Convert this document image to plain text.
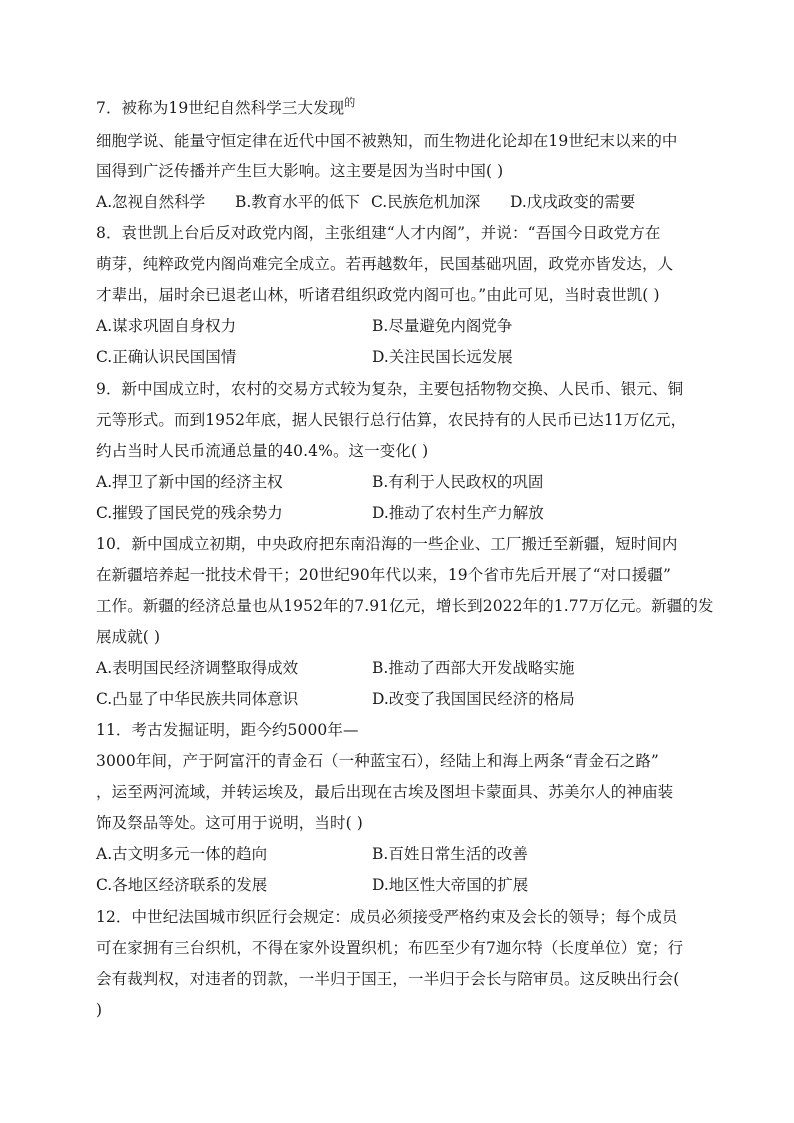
7．被称为19世纪自然科学三大发现$^的$
细胞学说、能量守恒定律在近代中国不被熟知，而生物进化论却在19世纪末以来的中
国得到广泛传播并产生巨大影响。这主要是因为当时中国( )
A.忽视自然科学 B.教育水平的低下 C.民族危机加深 D.戊戌政变的需要
8．袁世凯上台后反对政党内阁，主张组建“人才内阁”，并说：“吾国今日政党方在
萌芽，纯粹政党内阁尚难完全成立。若再越数年，民国基础巩固，政党亦皆发达，人
才辈出，届时余已退老山林，听诸君组织政党内阁可也。”由此可见，当时袁世凯( )
A.谋求巩固自身权力	B.尽量避免内阁党争
C.正确认识民国国情	D.关注民国长远发展
9．新中国成立时，农村的交易方式较为复杂，主要包括物物交换、人民币、银元、铜
元等形式。而到1952年底，据人民银行总行估算，农民持有的人民币已达11万亿元，
约占当时人民币流通总量的40.4%。这一变化( )
A.捍卫了新中国的经济主权	B.有利于人民政权的巩固
C.摧毁了国民党的残余势力	D.推动了农村生产力解放
10．新中国成立初期，中央政府把东南沿海的一些企业、工厂搬迁至新疆，短时间内
在新疆培养起一批技术骨干；20世纪90年代以来，19个省市先后开展了“对口援疆”
工作。新疆的经济总量也从1952年的7.91亿元，增长到2022年的1.77万亿元。新疆的发
展成就( )
A.表明国民经济调整取得成效	B.推动了西部大开发战略实施
C.凸显了中华民族共同体意识	D.改变了我国国民经济的格局
11．考古发掘证明，距今约5000年—
3000年间，产于阿富汗的青金石（一种蓝宝石），经陆上和海上两条“青金石之路”
，运至两河流域，并转运埃及，最后出现在古埃及图坦卡蒙面具、苏美尔人的神庙装
饰及祭品等处。这可用于说明，当时( )
A.古文明多元一体的趋向	B.百姓日常生活的改善
C.各地区经济联系的发展	D.地区性大帝国的扩展
12．中世纪法国城市织匠行会规定：成员必须接受严格约束及会长的领导；每个成员
可在家拥有三台织机，不得在家外设置织机；布匹至少有7迦尔特（长度单位）宽；行
会有裁判权，对违者的罚款，一半归于国王，一半归于会长与陪审员。这反映出行会(
)
